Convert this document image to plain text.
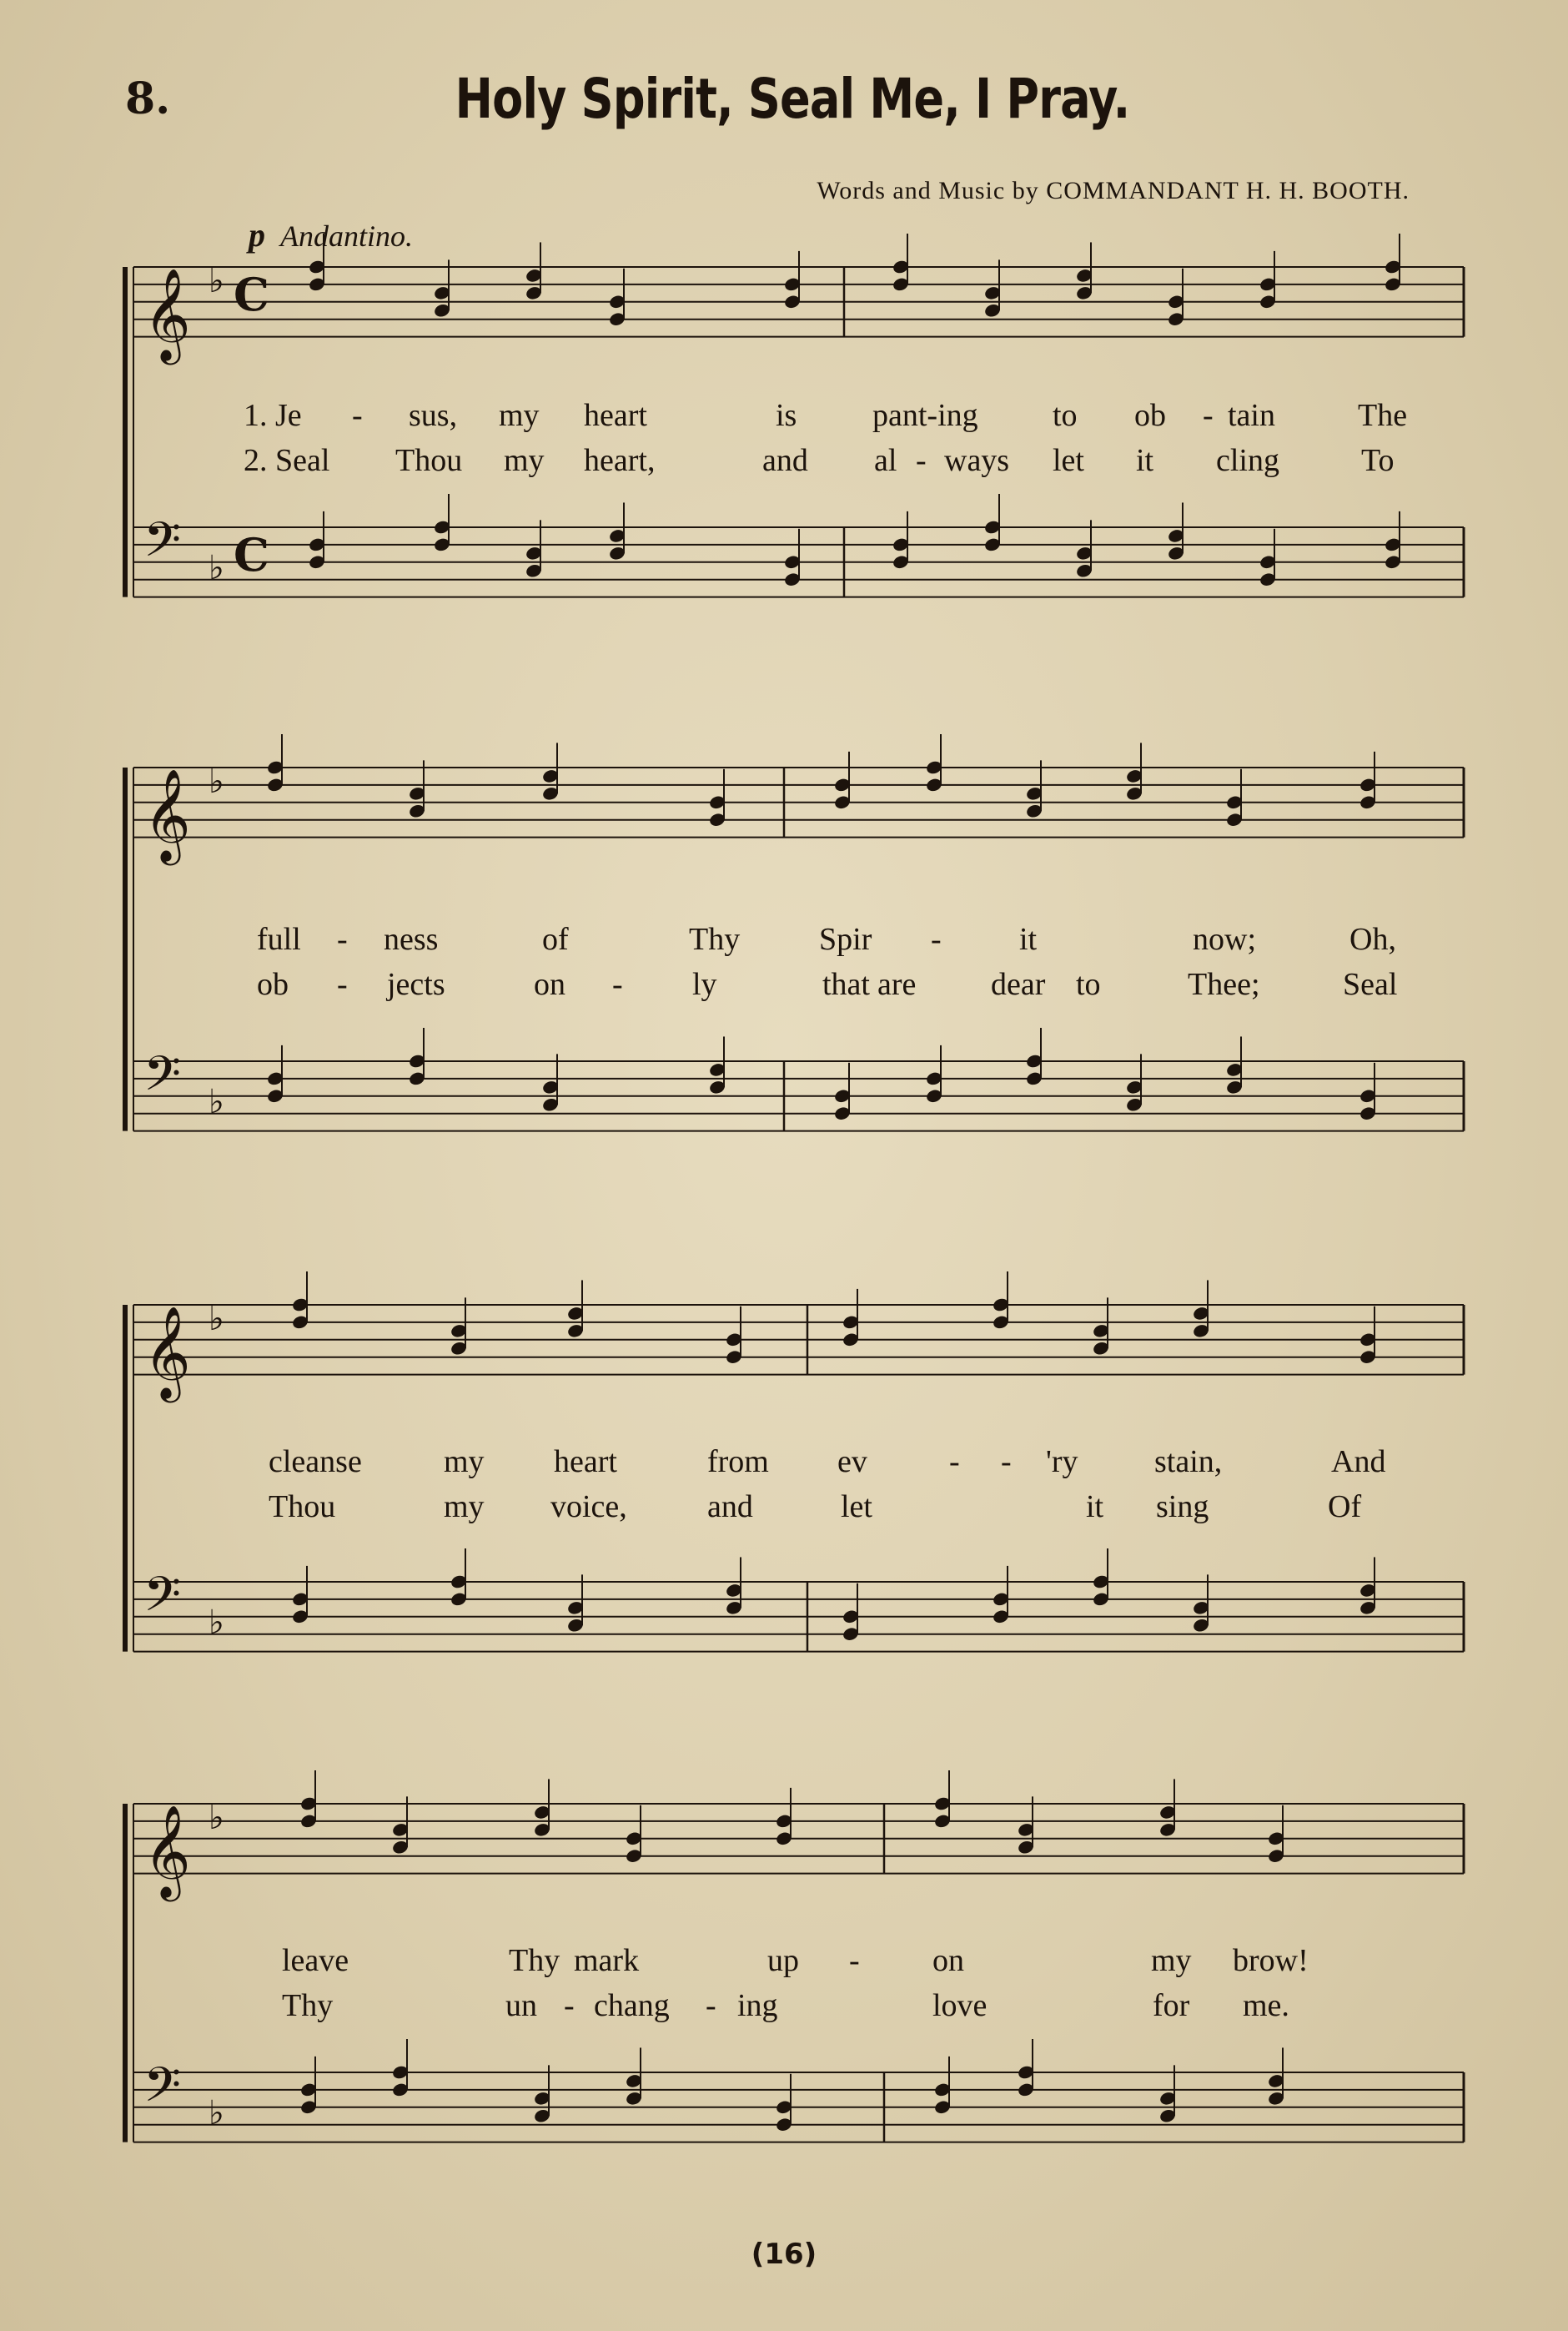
8.	Holy Spirit, Seal Me, I Pray.
Words and Music by COMMANDANT H. H. BOOTH.
p Andantino.
𝄞 ♭ C
𝄢 ♭ C
𝄞 ♭
𝄢 ♭
𝄞 ♭
𝄢 ♭
𝄞 ♭
𝄢 ♭
1. Je - sus, my heart	is pant-ing to ob - tain	The
2. Seal Thou my heart,	and al - ways let it cling	To
full - ness	of	Thy Spir - it	now;	Oh,
ob - jects	on - ly	that are dear to	Thee;	Seal
cleanse	my heart	from ev	- - 'ry stain,	And
Thou	my voice,	and	let	it sing	Of
leave	Thy mark	up - on	my brow!
Thy	un - chang - ing	love	for me.
(16)
